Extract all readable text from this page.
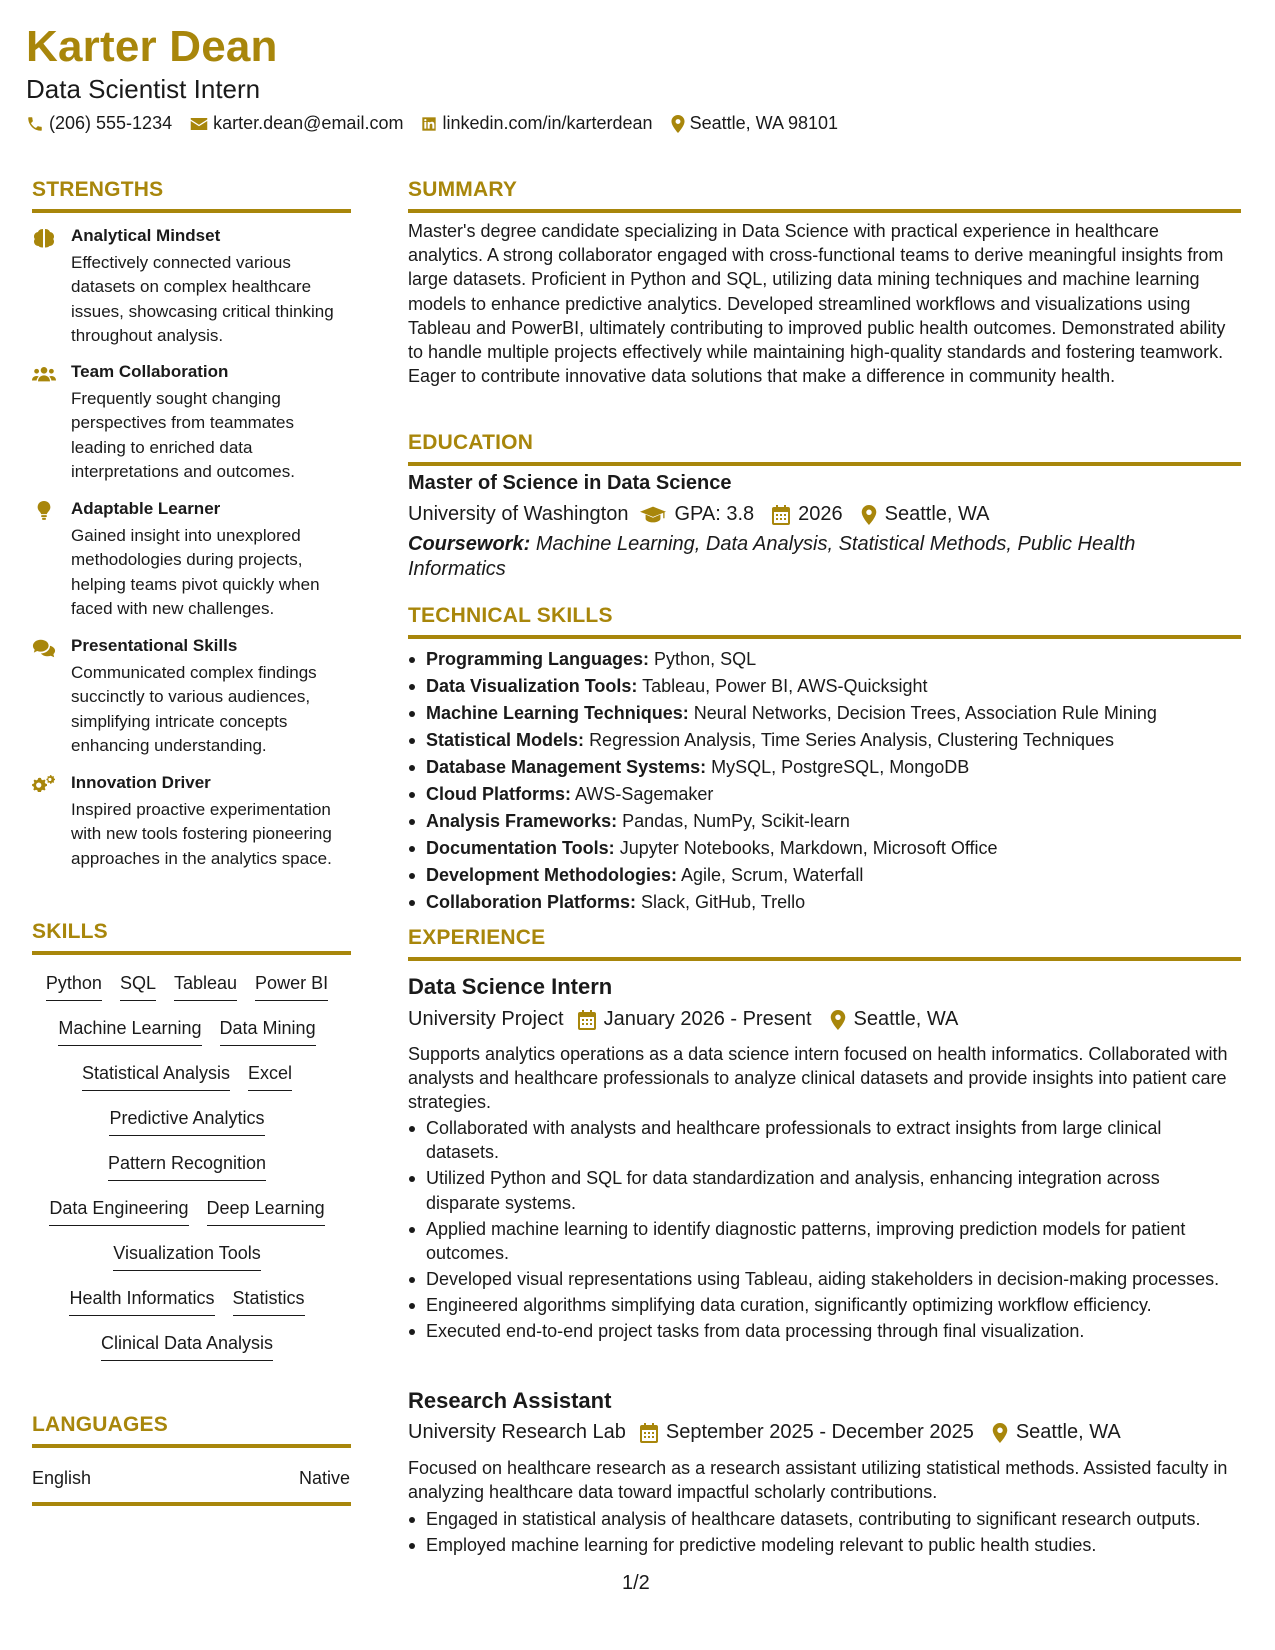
Karter Dean
Data Scientist Intern
(206) 555-1234 karter.dean@email.com linkedin.com/in/karterdean Seattle, WA 98101
STRENGTHS
Analytical Mindset
Effectively connected various datasets on complex healthcare issues, showcasing critical thinking throughout analysis.
Team Collaboration
Frequently sought changing perspectives from teammates leading to enriched data interpretations and outcomes.
Adaptable Learner
Gained insight into unexplored methodologies during projects, helping teams pivot quickly when faced with new challenges.
Presentational Skills
Communicated complex findings succinctly to various audiences, simplifying intricate concepts enhancing understanding.
Innovation Driver
Inspired proactive experimentation with new tools fostering pioneering approaches in the analytics space.
SKILLS
Python SQL Tableau Power BI
Machine Learning Data Mining
Statistical Analysis Excel
Predictive Analytics
Pattern Recognition
Data Engineering Deep Learning
Visualization Tools
Health Informatics Statistics
Clinical Data Analysis
LANGUAGES
English	Native
SUMMARY
Master's degree candidate specializing in Data Science with practical experience in healthcare analytics. A strong collaborator engaged with cross-functional teams to derive meaningful insights from large datasets. Proficient in Python and SQL, utilizing data mining techniques and machine learning models to enhance predictive analytics. Developed streamlined workflows and visualizations using Tableau and PowerBI, ultimately contributing to improved public health outcomes. Demonstrated ability to handle multiple projects effectively while maintaining high-quality standards and fostering teamwork. Eager to contribute innovative data solutions that make a difference in community health.
EDUCATION
Master of Science in Data Science
University of Washington GPA: 3.8 2026 Seattle, WA
Coursework: Machine Learning, Data Analysis, Statistical Methods, Public Health Informatics
TECHNICAL SKILLS
Programming Languages: Python, SQL
Data Visualization Tools: Tableau, Power BI, AWS-Quicksight
Machine Learning Techniques: Neural Networks, Decision Trees, Association Rule Mining
Statistical Models: Regression Analysis, Time Series Analysis, Clustering Techniques
Database Management Systems: MySQL, PostgreSQL, MongoDB
Cloud Platforms: AWS-Sagemaker
Analysis Frameworks: Pandas, NumPy, Scikit-learn
Documentation Tools: Jupyter Notebooks, Markdown, Microsoft Office
Development Methodologies: Agile, Scrum, Waterfall
Collaboration Platforms: Slack, GitHub, Trello
EXPERIENCE
Data Science Intern
University Project January 2026 - Present Seattle, WA
Supports analytics operations as a data science intern focused on health informatics. Collaborated with analysts and healthcare professionals to analyze clinical datasets and provide insights into patient care strategies.
Collaborated with analysts and healthcare professionals to extract insights from large clinical datasets.
Utilized Python and SQL for data standardization and analysis, enhancing integration across disparate systems.
Applied machine learning to identify diagnostic patterns, improving prediction models for patient outcomes.
Developed visual representations using Tableau, aiding stakeholders in decision-making processes.
Engineered algorithms simplifying data curation, significantly optimizing workflow efficiency.
Executed end-to-end project tasks from data processing through final visualization.
Research Assistant
University Research Lab September 2025 - December 2025 Seattle, WA
Focused on healthcare research as a research assistant utilizing statistical methods. Assisted faculty in analyzing healthcare data toward impactful scholarly contributions.
Engaged in statistical analysis of healthcare datasets, contributing to significant research outputs.
Employed machine learning for predictive modeling relevant to public health studies.
1/2
